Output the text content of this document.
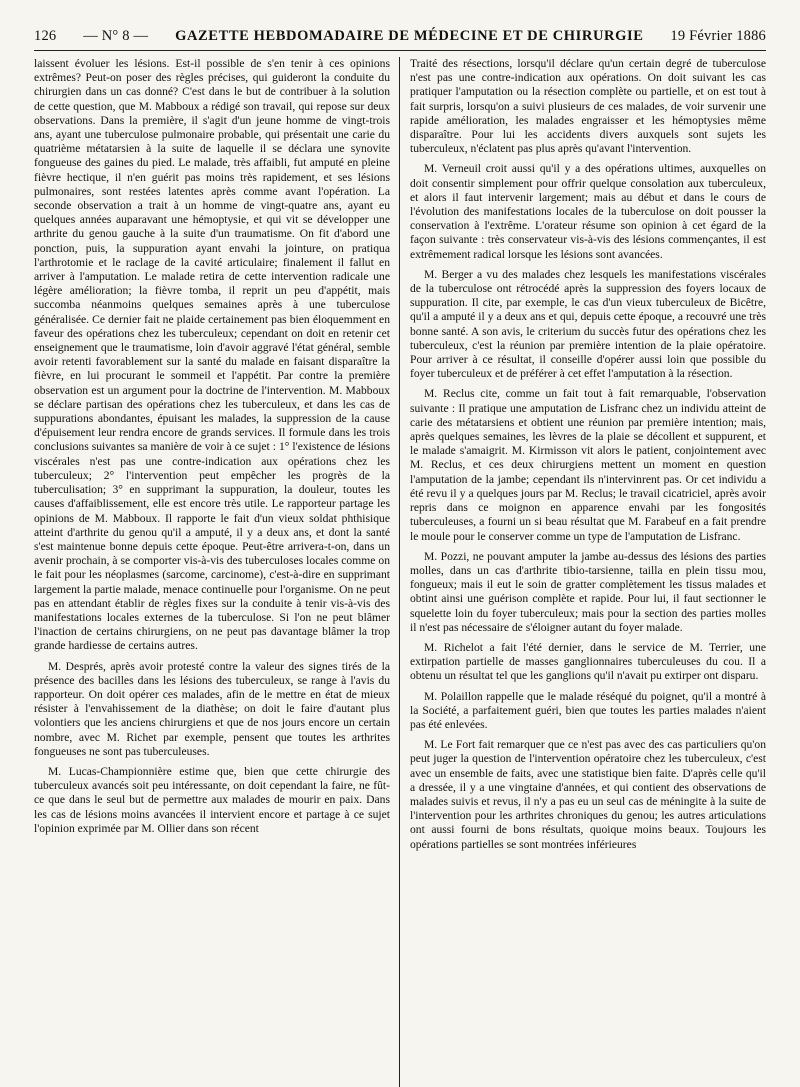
126 — N° 8 — GAZETTE HEBDOMADAIRE DE MÉDECINE ET DE CHIRURGIE 19 Février 1886

laissent évoluer les lésions. Est-il possible de s'en tenir à ces opinions extrêmes? Peut-on poser des règles précises, qui guideront la conduite du chirurgien dans un cas donné? C'est dans le but de contribuer à la solution de cette question, que M. Mabboux a rédigé son travail, qui repose sur deux observations. Dans la première, il s'agit d'un jeune homme de vingt-trois ans, ayant une tuberculose pulmonaire probable, qui présentait une carie du quatrième métatarsien à la suite de laquelle il se déclara une synovite fongueuse des gaines du pied. Le malade, très affaibli, fut amputé en pleine fièvre hectique, il n'en guérit pas moins très rapidement, et ses lésions pulmonaires, sont restées latentes après comme avant l'opération. La seconde observation a trait à un homme de vingt-quatre ans, ayant eu quelques années auparavant une hémoptysie, et qui vit se développer une arthrite du genou gauche à la suite d'un traumatisme. On fit d'abord une ponction, puis, la suppuration ayant envahi la jointure, on pratiqua l'arthrotomie et le raclage de la cavité articulaire; finalement il fallut en arriver à l'amputation. Le malade retira de cette intervention radicale une légère amélioration; la fièvre tomba, il reprit un peu d'appétit, mais succomba néanmoins quelques semaines après à une tuberculose généralisée. Ce dernier fait ne plaide certainement pas bien éloquemment en faveur des opérations chez les tuberculeux; cependant on doit en retenir cet enseignement que le traumatisme, loin d'avoir aggravé l'état général, semble avoir retenti favorablement sur la santé du malade en faisant disparaître la fièvre, en lui procurant le sommeil et l'appétit. Par contre la première observation est un argument pour la doctrine de l'intervention. M. Mabboux se déclare partisan des opérations chez les tuberculeux, et dans les cas de suppurations abondantes, épuisant les malades, la suppression de la cause d'épuisement leur rendra encore de grands services. Il formule dans les trois conclusions suivantes sa manière de voir à ce sujet : 1° l'existence de lésions viscérales n'est pas une contre-indication aux opérations chez les tuberculeux; 2° l'intervention peut empêcher les progrès de la tuberculisation; 3° en supprimant la suppuration, la douleur, toutes les causes d'affaiblissement, elle est encore très utile. Le rapporteur partage les opinions de M. Mabboux. Il rapporte le fait d'un vieux soldat phthisique atteint d'arthrite du genou qu'il a amputé, il y a deux ans, et dont la santé s'est maintenue bonne depuis cette époque. Peut-être arrivera-t-on, dans un avenir prochain, à se comporter vis-à-vis des tuberculoses locales comme on le fait pour les néoplasmes (sarcome, carcinome), c'est-à-dire en supprimant largement la partie malade, menace continuelle pour l'organisme. On ne peut pas en attendant établir de règles fixes sur la conduite à tenir vis-à-vis des manifestations locales externes de la tuberculose. Si l'on ne peut blâmer l'inaction de certains chirurgiens, on ne peut pas davantage blâmer la trop grande hardiesse de certains autres.

M. Després, après avoir protesté contre la valeur des signes tirés de la présence des bacilles dans les lésions des tuberculeux, se range à l'avis du rapporteur. On doit opérer ces malades, afin de le mettre en état de mieux résister à l'envahissement de la diathèse; on doit le faire d'autant plus volontiers que les anciens chirurgiens et que de nos jours encore un certain nombre, avec M. Richet par exemple, pensent que toutes les arthrites fongueuses ne sont pas tuberculeuses.

M. Lucas-Championnière estime que, bien que cette chirurgie des tuberculeux avancés soit peu intéressante, on doit cependant la faire, ne fût-ce que dans le seul but de permettre aux malades de mourir en paix. Dans les cas de lésions moins avancées il intervient encore et partage à ce sujet l'opinion exprimée par M. Ollier dans son récent

Traité des résections, lorsqu'il déclare qu'un certain degré de tuberculose n'est pas une contre-indication aux opérations. On doit suivant les cas pratiquer l'amputation ou la résection complète ou partielle, et on est tout à fait surpris, lorsqu'on a suivi plusieurs de ces malades, de voir survenir une rapide amélioration, les malades engraisser et les hémoptysies même disparaître. Pour lui les accidents divers auxquels sont sujets les tuberculeux, n'éclatent pas plus après qu'avant l'intervention.

M. Verneuil croit aussi qu'il y a des opérations ultimes, auxquelles on doit consentir simplement pour offrir quelque consolation aux tuberculeux, et alors il faut intervenir largement; mais au début et dans le cours de l'évolution des manifestations locales de la tuberculose on doit pousser la conservation à l'extrême. L'orateur résume son opinion à cet égard de la façon suivante : très conservateur vis-à-vis des lésions commençantes, il est extrêmement radical lorsque les lésions sont avancées.

M. Berger a vu des malades chez lesquels les manifestations viscérales de la tuberculose ont rétrocédé après la suppression des foyers locaux de suppuration. Il cite, par exemple, le cas d'un vieux tuberculeux de Bicêtre, qu'il a amputé il y a deux ans et qui, depuis cette époque, a recouvré une très bonne santé. A son avis, le criterium du succès futur des opérations chez les tuberculeux, c'est la réunion par première intention de la plaie opératoire. Pour arriver à ce résultat, il conseille d'opérer aussi loin que possible du foyer tuberculeux et de préférer à cet effet l'amputation à la résection.

M. Reclus cite, comme un fait tout à fait remarquable, l'observation suivante : Il pratique une amputation de Lisfranc chez un individu atteint de carie des métatarsiens et obtient une réunion par première intention; mais, après quelques semaines, les lèvres de la plaie se décollent et suppurent, et le malade s'amaigrit. M. Kirmisson vit alors le patient, conjointement avec M. Reclus, et ces deux chirurgiens mettent un moment en question l'amputation de la jambe; cependant ils n'intervinrent pas. Or cet individu a été revu il y a quelques jours par M. Reclus; le travail cicatriciel, après avoir repris dans ce moignon en apparence envahi par les fongosités tuberculeuses, a fourni un si beau résultat que M. Farabeuf en a fait prendre le moule pour le conserver comme un type de l'amputation de Lisfranc.

M. Pozzi, ne pouvant amputer la jambe au-dessus des lésions des parties molles, dans un cas d'arthrite tibio-tarsienne, tailla en plein tissu mou, fongueux; mais il eut le soin de gratter complètement les tissus malades et obtint ainsi une guérison complète et rapide. Pour lui, il faut sectionner le squelette loin du foyer tuberculeux; mais pour la section des parties molles il n'est pas nécessaire de s'éloigner autant du foyer malade.

M. Richelot a fait l'été dernier, dans le service de M. Terrier, une extirpation partielle de masses ganglionnaires tuberculeuses du cou. Il a obtenu un résultat tel que les ganglions qu'il n'avait pu extirper ont disparu.

M. Polaillon rappelle que le malade réséqué du poignet, qu'il a montré à la Société, a parfaitement guéri, bien que toutes les parties malades n'aient pas été enlevées.

M. Le Fort fait remarquer que ce n'est pas avec des cas particuliers qu'on peut juger la question de l'intervention opératoire chez les tuberculeux, c'est avec un ensemble de faits, avec une statistique bien faite. D'après celle qu'il a dressée, il y a une vingtaine d'années, et qui contient des observations de malades suivis et revus, il n'y a pas eu un seul cas de méningite à la suite de l'intervention pour les arthrites chroniques du genou; les autres articulations ont aussi fourni de bons résultats, quoique moins beaux. Toujours les opérations partielles se sont montrées inférieures
